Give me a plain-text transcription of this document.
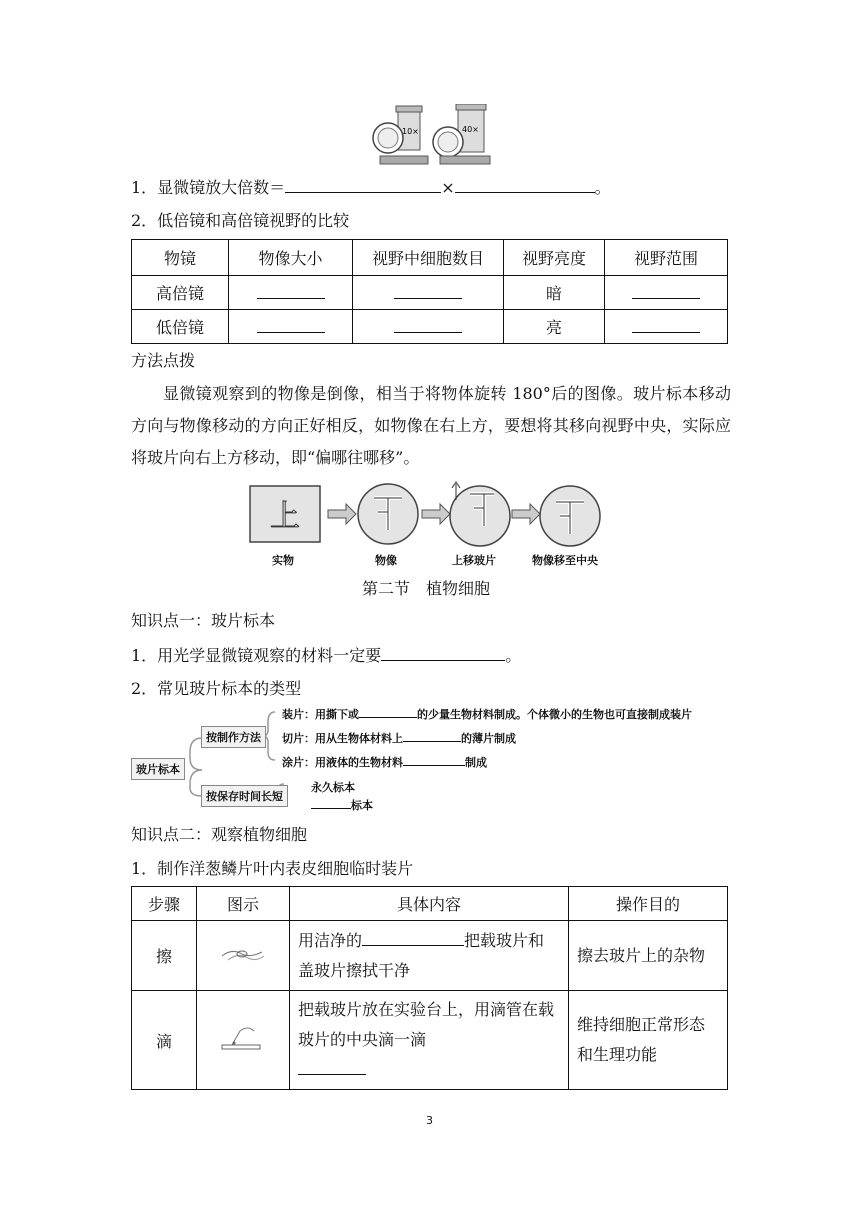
10×	40×
1．显微镜放大倍数＝	×	。
2．低倍镜和高倍镜视野的比较
物镜	物像大小	视野中细胞数目	视野亮度	视野范围
高倍镜			暗	
低倍镜			亮	
方法点拨
显微镜观察到的物像是倒像，相当于将物体旋转 180°后的图像。玻片标本移动方向与物像移动的方向正好相反，如物像在右上方，要想将其移向视野中央，实际应将玻片向右上方移动，即“偏哪往哪移”。
上
实物	物像	上移玻片	物像移至中央
第二节　植物细胞
知识点一：玻片标本
1．用光学显微镜观察的材料一定要	。
2．常见玻片标本的类型
玻片标本
按制作方法
按保存时间长短
装片：用撕下或	的少量生物材料制成。个体微小的生物也可直接制成装片
切片：用从生物体材料上	的薄片制成
涂片：用液体的生物材料	制成
永久标本
标本
知识点二：观察植物细胞
1．制作洋葱鳞片叶内表皮细胞临时装片
步骤	图示	具体内容	操作目的
擦		用洁净的 把载玻片和盖玻片擦拭干净	擦去玻片上的杂物
滴		把载玻片放在实验台上，用滴管在载玻片的中央滴一滴	维持细胞正常形态和生理功能
3
